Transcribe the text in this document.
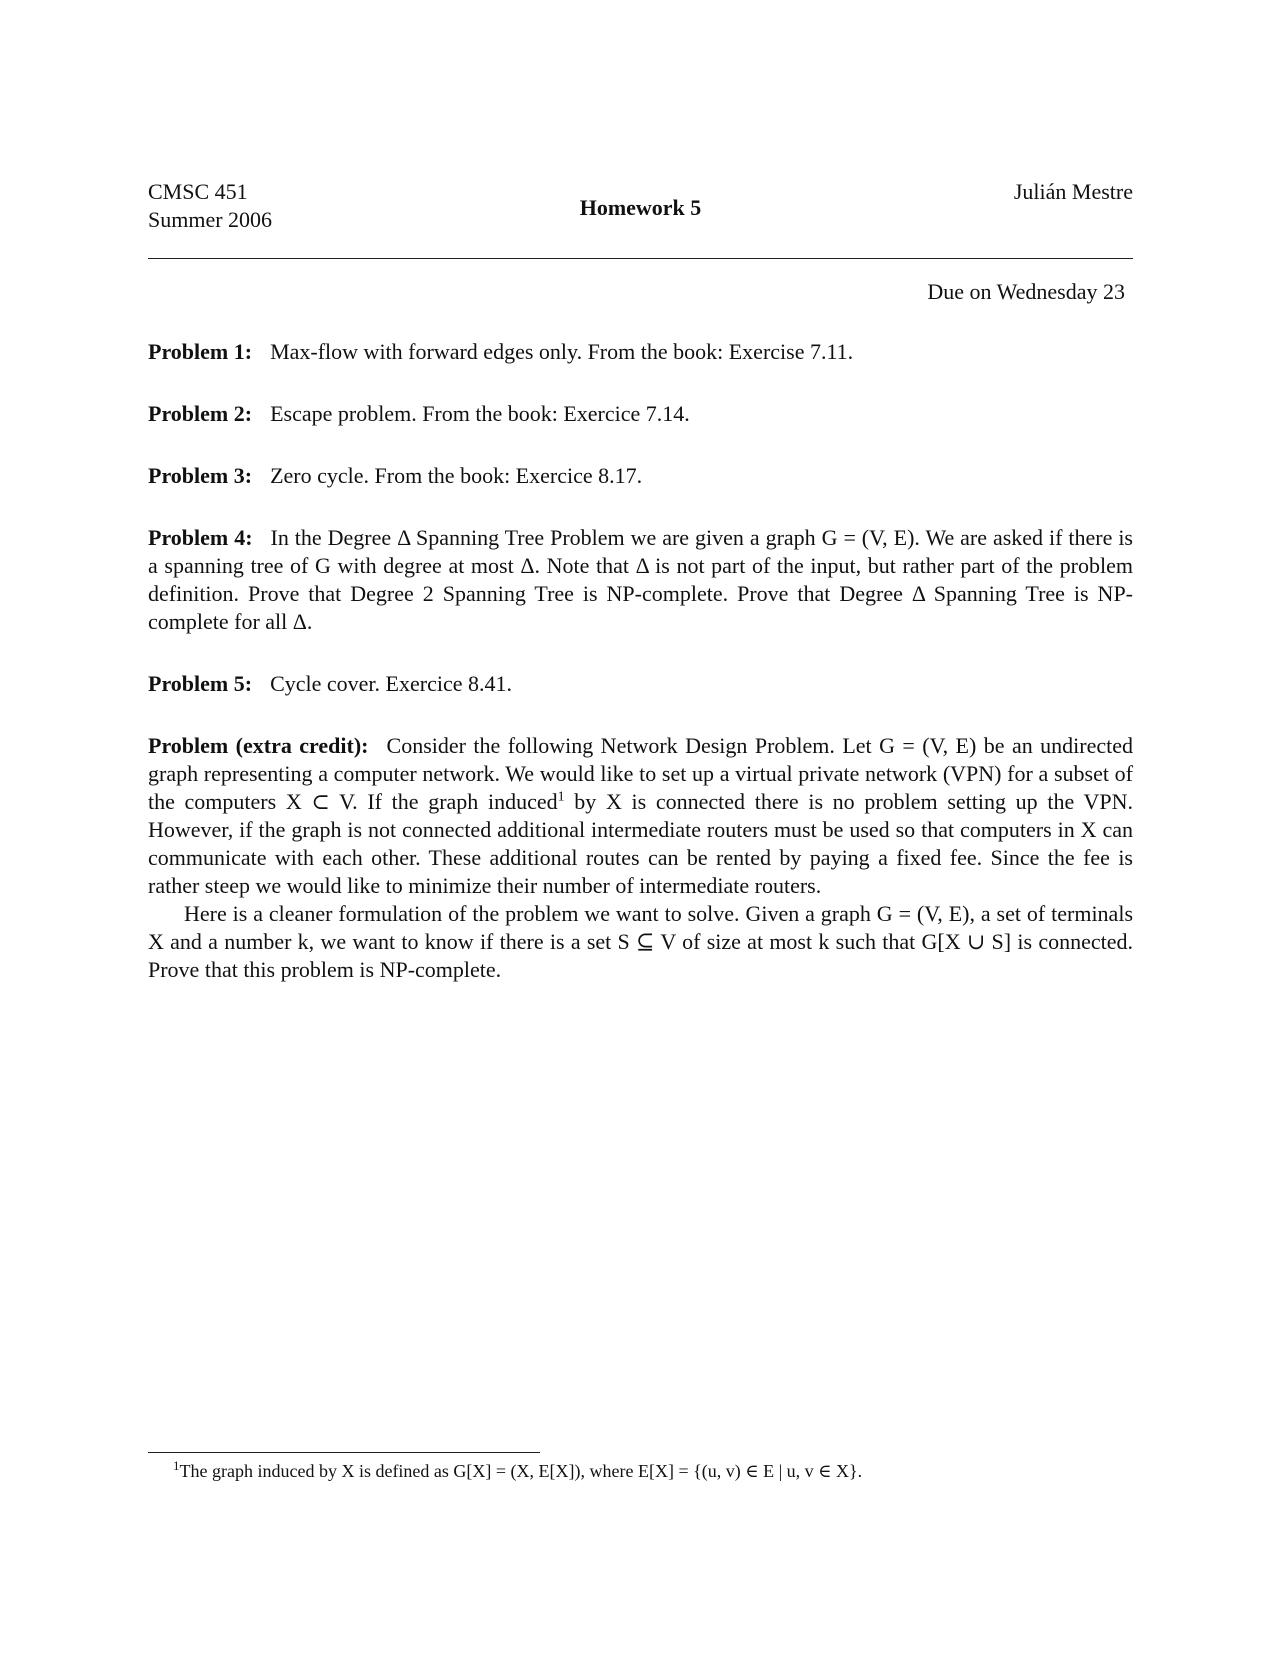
CMSC 451
Summer 2006	Homework 5
Julián Mestre
Due on Wednesday 23
Problem 1: Max-flow with forward edges only. From the book: Exercise 7.11.
Problem 2: Escape problem. From the book: Exercice 7.14.
Problem 3: Zero cycle. From the book: Exercice 8.17.
Problem 4: In the Degree Δ Spanning Tree Problem we are given a graph G = (V, E). We are asked if there is a spanning tree of G with degree at most Δ. Note that Δ is not part of the input, but rather part of the problem definition. Prove that Degree 2 Spanning Tree is NP-complete. Prove that Degree Δ Spanning Tree is NP-complete for all Δ.
Problem 5: Cycle cover. Exercice 8.41.
Problem (extra credit): Consider the following Network Design Problem. Let G = (V, E) be an undirected graph representing a computer network. We would like to set up a virtual private network (VPN) for a subset of the computers X ⊂ V. If the graph induced$^1$ by X is connected there is no problem setting up the VPN. However, if the graph is not connected additional intermediate routers must be used so that computers in X can communicate with each other. These additional routes can be rented by paying a fixed fee. Since the fee is rather steep we would like to minimize their number of intermediate routers.

Here is a cleaner formulation of the problem we want to solve. Given a graph G = (V, E), a set of terminals X and a number k, we want to know if there is a set S ⊆ V of size at most k such that G[X ∪ S] is connected. Prove that this problem is NP-complete.

$^1$The graph induced by X is defined as G[X] = (X, E[X]), where E[X] = {(u, v) ∈ E | u, v ∈ X}.
